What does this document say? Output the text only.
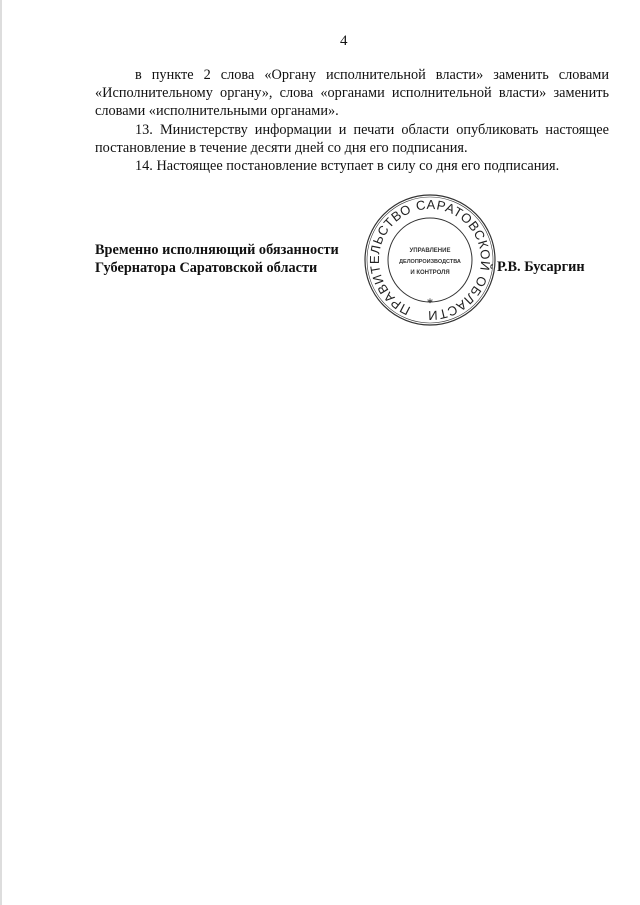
4

в пункте 2 слова «Органу исполнительной власти» заменить словами «Исполнительному органу», слова «органами исполнительной власти» заменить словами «исполнительными органами».

13. Министерству информации и печати области опубликовать настоящее постановление в течение десяти дней со дня его подписания.

14. Настоящее постановление вступает в силу со дня его подписания.

Временно исполняющий обязанности
Губернатора Саратовской области	Р.В. Бусаргин
ПРАВИТЕЛЬСТВО САРАТОВСКОЙ ОБЛАСТИ
*
УПРАВЛЕНИЕ
ДЕЛОПРОИЗВОДСТВА
И КОНТРОЛЯ
